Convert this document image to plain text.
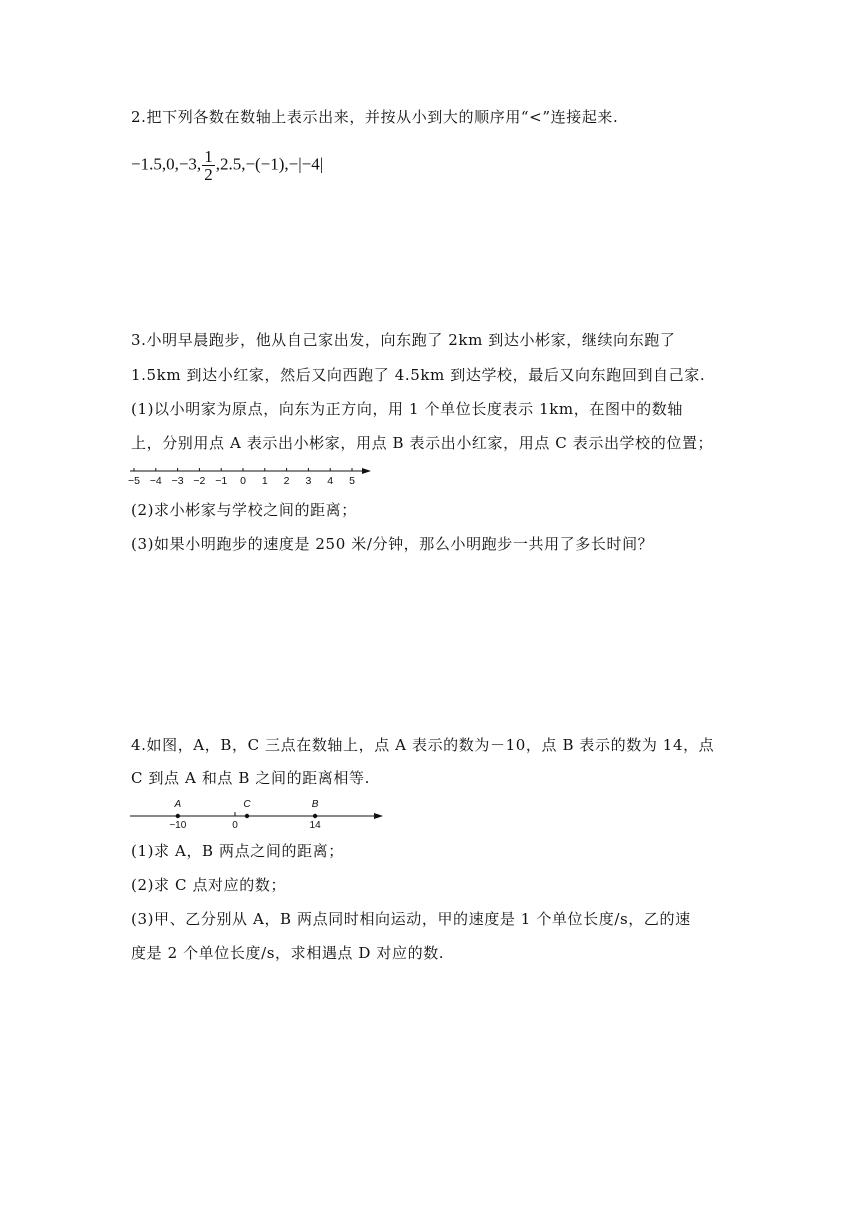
2.把下列各数在数轴上表示出来，并按从小到大的顺序用“<”连接起来.
−1.5,0,−3, $\frac{1}{2} ,2.5,-(-1),-|-4|$
3.小明早晨跑步，他从自己家出发，向东跑了 2km 到达小彬家，继续向东跑了
1.5km 到达小红家，然后又向西跑了 4.5km 到达学校，最后又向东跑回到自己家.
(1)以小明家为原点，向东为正方向，用 1 个单位长度表示 1km，在图中的数轴
上，分别用点 A 表示出小彬家，用点 B 表示出小红家，用点 C 表示出学校的位置；
−5 −4 −3 −2 −1 0 1 2 3 4 5
(2)求小彬家与学校之间的距离；
(3)如果小明跑步的速度是 250 米/分钟，那么小明跑步一共用了多长时间？
4.如图，A，B，C 三点在数轴上，点 A 表示的数为－10，点 B 表示的数为 14，点
C 到点 A 和点 B 之间的距离相等.
A
−10
C
0
B
14
(1)求 A，B 两点之间的距离；
(2)求 C 点对应的数；
(3)甲、乙分别从 A，B 两点同时相向运动，甲的速度是 1 个单位长度/s，乙的速
度是 2 个单位长度/s，求相遇点 D 对应的数.
